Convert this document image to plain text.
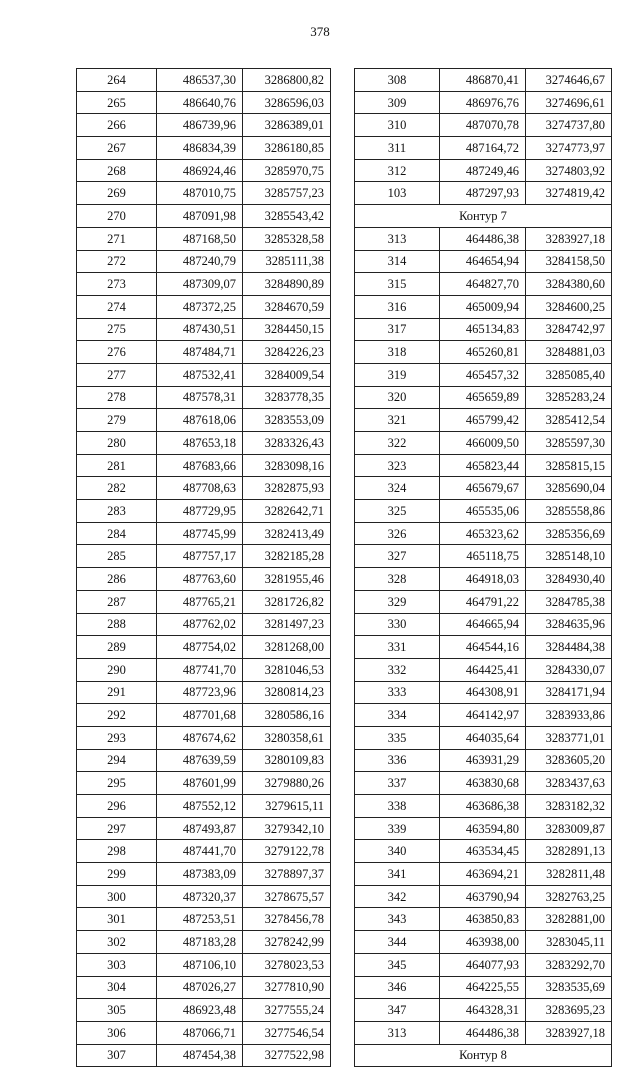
378
264	486537,30	3286800,82
265	486640,76	3286596,03
266	486739,96	3286389,01
267	486834,39	3286180,85
268	486924,46	3285970,75
269	487010,75	3285757,23
270	487091,98	3285543,42
271	487168,50	3285328,58
272	487240,79	3285111,38
273	487309,07	3284890,89
274	487372,25	3284670,59
275	487430,51	3284450,15
276	487484,71	3284226,23
277	487532,41	3284009,54
278	487578,31	3283778,35
279	487618,06	3283553,09
280	487653,18	3283326,43
281	487683,66	3283098,16
282	487708,63	3282875,93
283	487729,95	3282642,71
284	487745,99	3282413,49
285	487757,17	3282185,28
286	487763,60	3281955,46
287	487765,21	3281726,82
288	487762,02	3281497,23
289	487754,02	3281268,00
290	487741,70	3281046,53
291	487723,96	3280814,23
292	487701,68	3280586,16
293	487674,62	3280358,61
294	487639,59	3280109,83
295	487601,99	3279880,26
296	487552,12	3279615,11
297	487493,87	3279342,10
298	487441,70	3279122,78
299	487383,09	3278897,37
300	487320,37	3278675,57
301	487253,51	3278456,78
302	487183,28	3278242,99
303	487106,10	3278023,53
304	487026,27	3277810,90
305	486923,48	3277555,24
306	487066,71	3277546,54
307	487454,38	3277522,98
308	486870,41	3274646,67
309	486976,76	3274696,61
310	487070,78	3274737,80
311	487164,72	3274773,97
312	487249,46	3274803,92
103	487297,93	3274819,42
Контур 7		
313	464486,38	3283927,18
314	464654,94	3284158,50
315	464827,70	3284380,60
316	465009,94	3284600,25
317	465134,83	3284742,97
318	465260,81	3284881,03
319	465457,32	3285085,40
320	465659,89	3285283,24
321	465799,42	3285412,54
322	466009,50	3285597,30
323	465823,44	3285815,15
324	465679,67	3285690,04
325	465535,06	3285558,86
326	465323,62	3285356,69
327	465118,75	3285148,10
328	464918,03	3284930,40
329	464791,22	3284785,38
330	464665,94	3284635,96
331	464544,16	3284484,38
332	464425,41	3284330,07
333	464308,91	3284171,94
334	464142,97	3283933,86
335	464035,64	3283771,01
336	463931,29	3283605,20
337	463830,68	3283437,63
338	463686,38	3283182,32
339	463594,80	3283009,87
340	463534,45	3282891,13
341	463694,21	3282811,48
342	463790,94	3282763,25
343	463850,83	3282881,00
344	463938,00	3283045,11
345	464077,93	3283292,70
346	464225,55	3283535,69
347	464328,31	3283695,23
313	464486,38	3283927,18
Контур 8		
